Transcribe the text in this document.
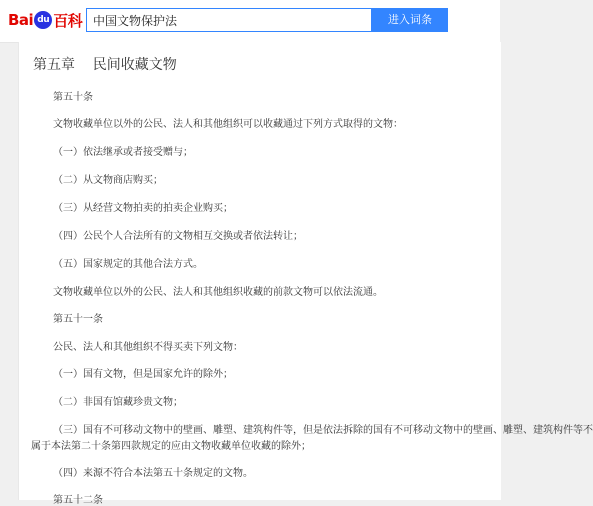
Bai du 百科
中国文物保护法	进入词条
第五章    民间收藏文物
第五十条
文物收藏单位以外的公民、法人和其他组织可以收藏通过下列方式取得的文物：
（一）依法继承或者接受赠与；
（二）从文物商店购买；
（三）从经营文物拍卖的拍卖企业购买；
（四）公民个人合法所有的文物相互交换或者依法转让；
（五）国家规定的其他合法方式。
文物收藏单位以外的公民、法人和其他组织收藏的前款文物可以依法流通。
第五十一条
公民、法人和其他组织不得买卖下列文物：
（一）国有文物，但是国家允许的除外；
（二）非国有馆藏珍贵文物；
（三）国有不可移动文物中的壁画、雕塑、建筑构件等，但是依法拆除的国有不可移动文物中的壁画、雕塑、建筑构件等不
属于本法第二十条第四款规定的应由文物收藏单位收藏的除外；
（四）来源不符合本法第五十条规定的文物。
第五十二条
